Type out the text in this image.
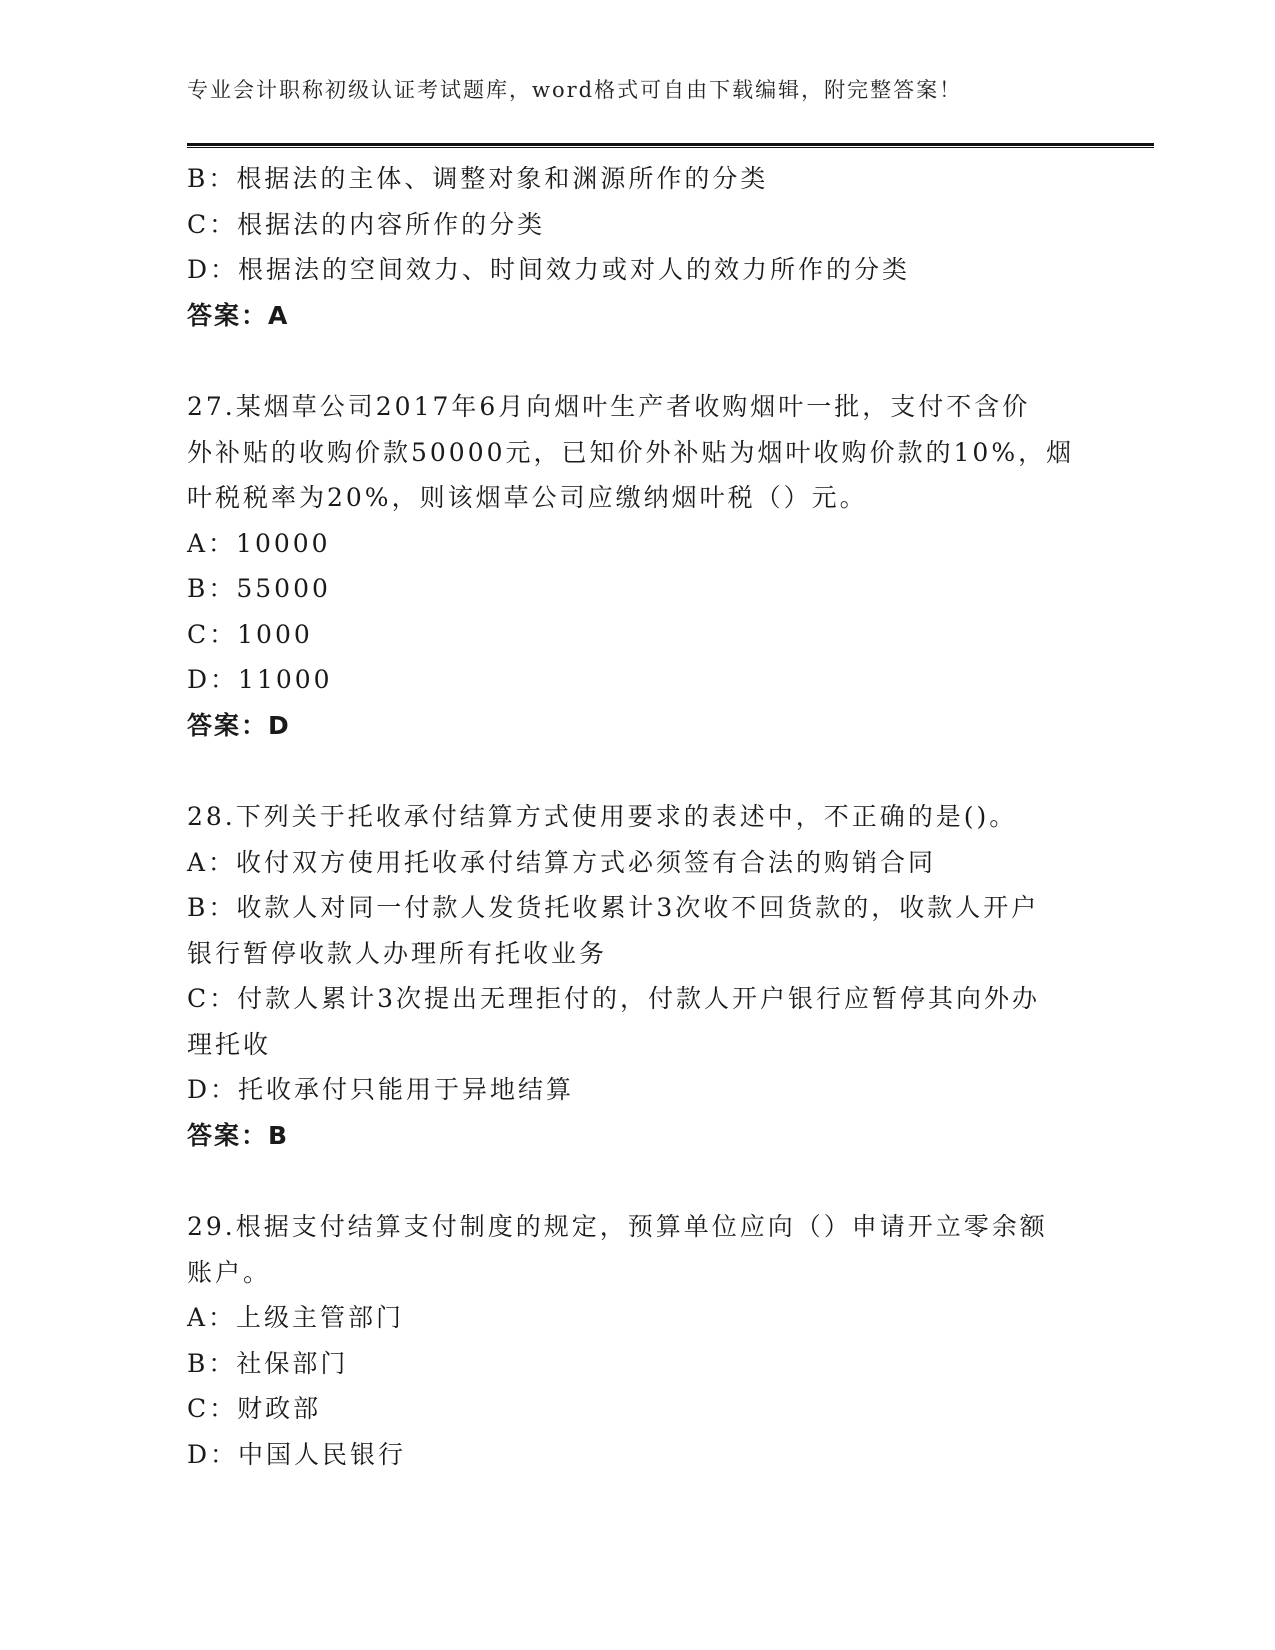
专业会计职称初级认证考试题库，word格式可自由下载编辑，附完整答案！
B：根据法的主体、调整对象和渊源所作的分类
C：根据法的内容所作的分类
D：根据法的空间效力、时间效力或对人的效力所作的分类
答案：A
27.某烟草公司2017年6月向烟叶生产者收购烟叶一批，支付不含价
外补贴的收购价款50000元，已知价外补贴为烟叶收购价款的10%，烟
叶税税率为20%，则该烟草公司应缴纳烟叶税（）元。
A：10000
B：55000
C：1000
D：11000
答案：D
28.下列关于托收承付结算方式使用要求的表述中，不正确的是()。
A：收付双方使用托收承付结算方式必须签有合法的购销合同
B：收款人对同一付款人发货托收累计3次收不回货款的，收款人开户
银行暂停收款人办理所有托收业务
C：付款人累计3次提出无理拒付的，付款人开户银行应暂停其向外办
理托收
D：托收承付只能用于异地结算
答案：B
29.根据支付结算支付制度的规定，预算单位应向（）申请开立零余额
账户。
A：上级主管部门
B：社保部门
C：财政部
D：中国人民银行
